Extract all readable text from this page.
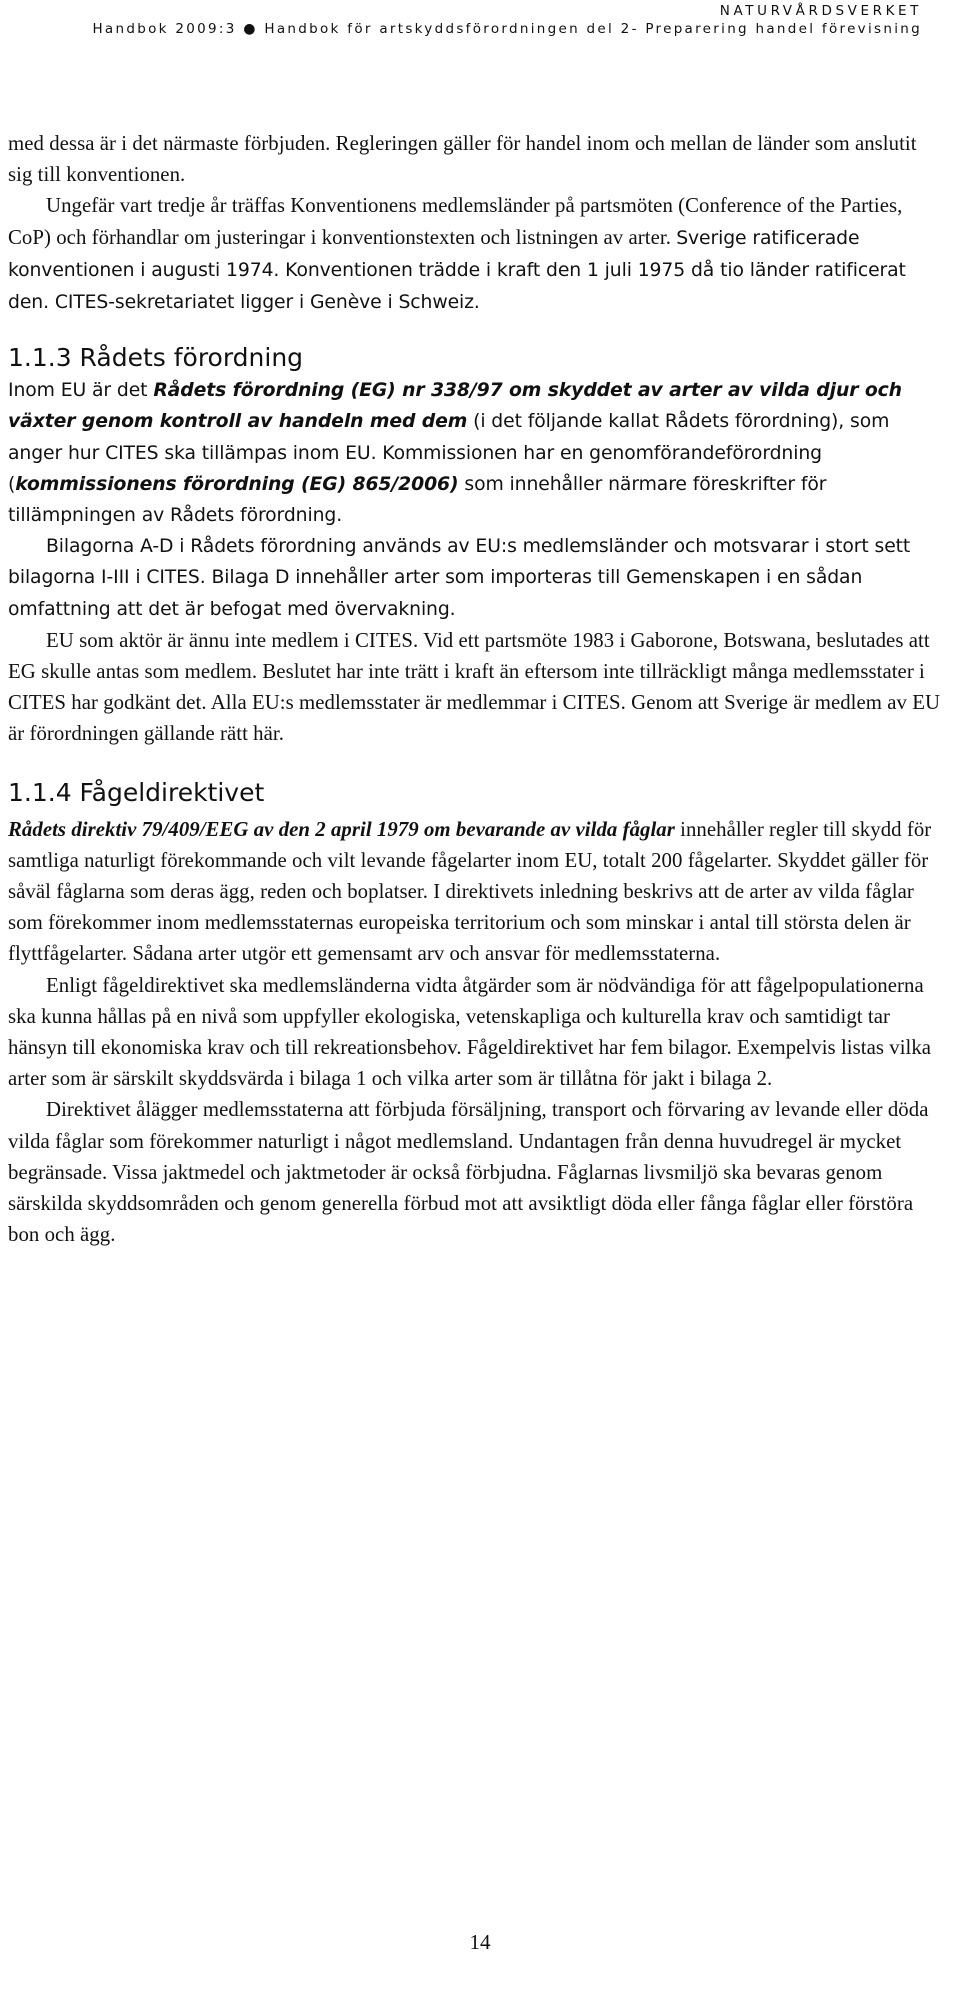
NATURVÅRDSVERKET
Handbok 2009:3 ● Handbok för artskyddsförordningen del 2- Preparering handel förevisning

med dessa är i det närmaste förbjuden. Regleringen gäller för handel inom och mellan de länder som anslutit sig till konventionen.

Ungefär vart tredje år träffas Konventionens medlemsländer på partsmöten (Conference of the Parties, CoP) och förhandlar om justeringar i konventionstexten och listningen av arter. Sverige ratificerade konventionen i augusti 1974. Konventionen trädde i kraft den 1 juli 1975 då tio länder ratificerat den. CITES-sekretariatet ligger i Genève i Schweiz.

1.1.3 Rådets förordning

Inom EU är det Rådets förordning (EG) nr 338/97 om skyddet av arter av vilda djur och växter genom kontroll av handeln med dem (i det följande kallat Rådets förordning), som anger hur CITES ska tillämpas inom EU. Kommissionen har en genomförandeförordning (kommissionens förordning (EG) 865/2006) som innehåller närmare föreskrifter för tillämpningen av Rådets förordning.

Bilagorna A-D i Rådets förordning används av EU:s medlemsländer och motsvarar i stort sett bilagorna I-III i CITES. Bilaga D innehåller arter som importeras till Gemenskapen i en sådan omfattning att det är befogat med övervakning.

EU som aktör är ännu inte medlem i CITES. Vid ett partsmöte 1983 i Gaborone, Botswana, beslutades att EG skulle antas som medlem. Beslutet har inte trätt i kraft än eftersom inte tillräckligt många medlemsstater i CITES har godkänt det. Alla EU:s medlemsstater är medlemmar i CITES. Genom att Sverige är medlem av EU är förordningen gällande rätt här.

1.1.4 Fågeldirektivet

Rådets direktiv 79/409/EEG av den 2 april 1979 om bevarande av vilda fåglar innehåller regler till skydd för samtliga naturligt förekommande och vilt levande fågelarter inom EU, totalt 200 fågelarter. Skyddet gäller för såväl fåglarna som deras ägg, reden och boplatser. I direktivets inledning beskrivs att de arter av vilda fåglar som förekommer inom medlemsstaternas europeiska territorium och som minskar i antal till största delen är flyttfågelarter. Sådana arter utgör ett gemensamt arv och ansvar för medlemsstaterna.

Enligt fågeldirektivet ska medlemsländerna vidta åtgärder som är nödvändiga för att fågelpopulationerna ska kunna hållas på en nivå som uppfyller ekologiska, vetenskapliga och kulturella krav och samtidigt tar hänsyn till ekonomiska krav och till rekreationsbehov. Fågeldirektivet har fem bilagor. Exempelvis listas vilka arter som är särskilt skyddsvärda i bilaga 1 och vilka arter som är tillåtna för jakt i bilaga 2.

Direktivet ålägger medlemsstaterna att förbjuda försäljning, transport och förvaring av levande eller döda vilda fåglar som förekommer naturligt i något medlemsland. Undantagen från denna huvudregel är mycket begränsade. Vissa jaktmedel och jaktmetoder är också förbjudna. Fåglarnas livsmiljö ska bevaras genom särskilda skyddsområden och genom generella förbud mot att avsiktligt döda eller fånga fåglar eller förstöra bon och ägg.

14
